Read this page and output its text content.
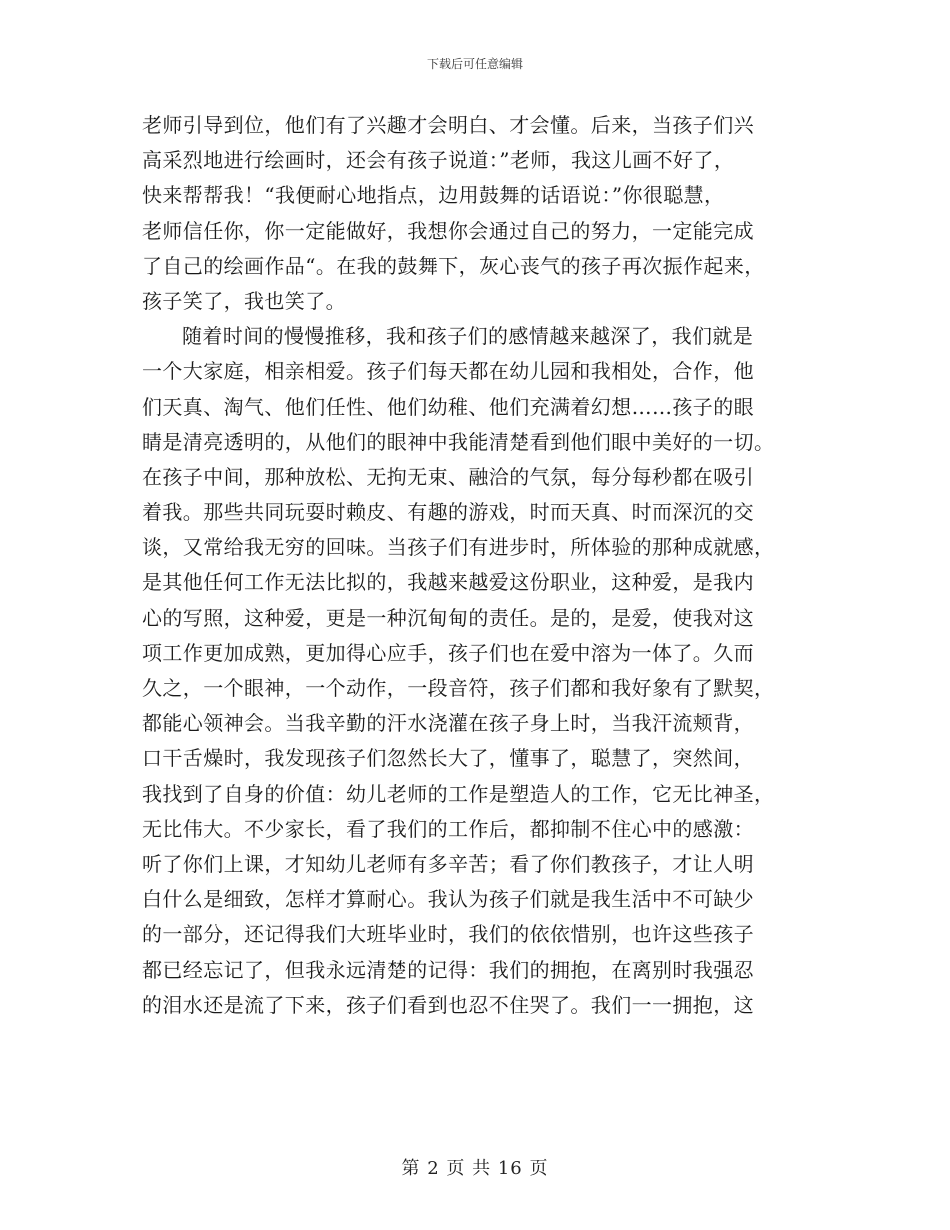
下载后可任意编辑
老师引导到位，他们有了兴趣才会明白、才会懂。后来，当孩子们兴
高采烈地进行绘画时，还会有孩子说道：”老师，我这儿画不好了，
快来帮帮我！“我便耐心地指点，边用鼓舞的话语说：”你很聪慧，
老师信任你，你一定能做好，我想你会通过自己的努力，一定能完成
了自己的绘画作品“。在我的鼓舞下，灰心丧气的孩子再次振作起来，
孩子笑了，我也笑了。
随着时间的慢慢推移，我和孩子们的感情越来越深了，我们就是
一个大家庭，相亲相爱。孩子们每天都在幼儿园和我相处，合作，他
们天真、淘气、他们任性、他们幼稚、他们充满着幻想……孩子的眼
睛是清亮透明的，从他们的眼神中我能清楚看到他们眼中美好的一切。
在孩子中间，那种放松、无拘无束、融洽的气氛，每分每秒都在吸引
着我。那些共同玩耍时赖皮、有趣的游戏，时而天真、时而深沉的交
谈，又常给我无穷的回味。当孩子们有进步时，所体验的那种成就感，
是其他任何工作无法比拟的，我越来越爱这份职业，这种爱，是我内
心的写照，这种爱，更是一种沉甸甸的责任。是的，是爱，使我对这
项工作更加成熟，更加得心应手，孩子们也在爱中溶为一体了。久而
久之，一个眼神，一个动作，一段音符，孩子们都和我好象有了默契，
都能心领神会。当我辛勤的汗水浇灌在孩子身上时，当我汗流颊背，
口干舌燥时，我发现孩子们忽然长大了，懂事了，聪慧了，突然间，
我找到了自身的价值：幼儿老师的工作是塑造人的工作，它无比神圣，
无比伟大。不少家长，看了我们的工作后，都抑制不住心中的感激：
听了你们上课，才知幼儿老师有多辛苦；看了你们教孩子，才让人明
白什么是细致，怎样才算耐心。我认为孩子们就是我生活中不可缺少
的一部分，还记得我们大班毕业时，我们的依依惜别，也许这些孩子
都已经忘记了，但我永远清楚的记得：我们的拥抱，在离别时我强忍
的泪水还是流了下来，孩子们看到也忍不住哭了。我们一一拥抱，这
第 2 页 共 16 页
